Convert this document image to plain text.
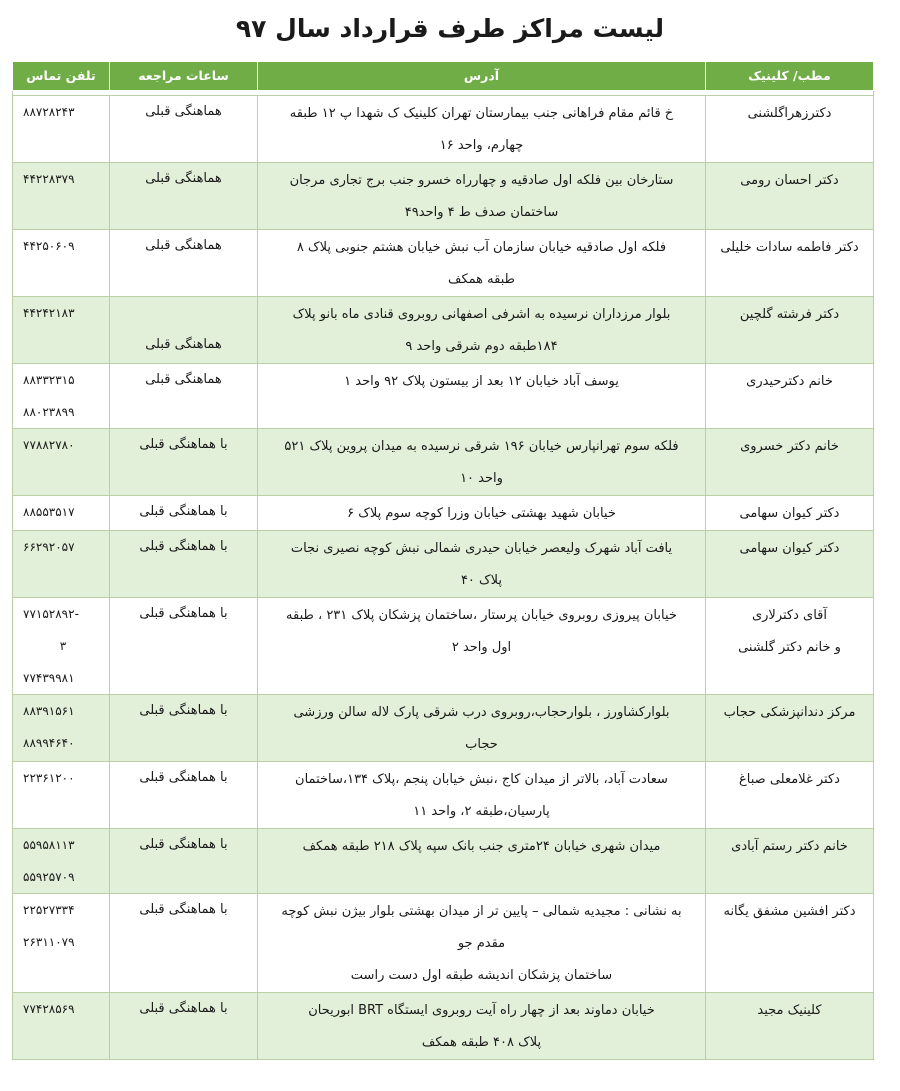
لیست مراکز طرف قرارداد سال ۹۷
مطب/ کلینیک	آدرس	ساعات مراجعه	تلفن تماس

دکترزهراگلشنی	خ قائم مقام فراهانی جنب بیمارستان تهران کلینیک ک شهدا پ ۱۲ طبقه
چهارم، واحد ۱۶	هماهنگی قبلی	۸۸۷۲۸۲۴۳

دکتر احسان رومی	ستارخان بین فلکه اول صادقیه و چهارراه خسرو جنب برج تجاری مرجان
ساختمان صدف ط ۴ واحد۴۹	هماهنگی قبلی	۴۴۲۲۸۳۷۹

دکتر فاطمه سادات خلیلی	فلکه اول صادقیه خیابان سازمان آب نبش خیابان هشتم جنوبی پلاک ۸
طبقه همکف	هماهنگی قبلی	۴۴۲۵۰۶۰۹

دکتر فرشته گلچین	بلوار مرزداران نرسیده به اشرفی اصفهانی روبروی قنادی ماه بانو پلاک
۱۸۴طبقه دوم شرقی واحد ۹	هماهنگی قبلی	۴۴۲۴۲۱۸۳

خانم دکترحیدری	یوسف آباد خیابان ۱۲ بعد از بیستون پلاک ۹۲ واحد ۱	هماهنگی قبلی	۸۸۳۳۲۳۱۵
۸۸۰۲۳۸۹۹

خانم دکتر خسروی	فلکه سوم تهرانپارس خیابان ۱۹۶ شرقی نرسیده به میدان پروین پلاک ۵۲۱
واحد ۱۰	با هماهنگی قبلی	۷۷۸۸۲۷۸۰

دکتر کیوان سهامی	خیابان شهید بهشتی خیابان وزرا کوچه سوم پلاک ۶	با هماهنگی قبلی	۸۸۵۵۳۵۱۷

دکتر کیوان سهامی	یافت آباد شهرک ولیعصر خیابان حیدری شمالی نبش کوچه نصیری نجات
پلاک ۴۰	با هماهنگی قبلی	۶۶۲۹۲۰۵۷

آقای دکترلاری
و خانم دکتر گلشنی	خیابان پیروزی روبروی خیابان پرستار ،ساختمان پزشکان پلاک ۲۳۱ ، طبقه
اول واحد ۲	با هماهنگی قبلی	۷۷۱۵۲۸۹۲-
۳
۷۷۴۳۹۹۸۱

مرکز دندانپزشکی حجاب	بلوارکشاورز ، بلوارحجاب،روبروی درب شرقی پارک لاله سالن ورزشی
حجاب	با هماهنگی قبلی	۸۸۳۹۱۵۶۱
۸۸۹۹۴۶۴۰

دکتر غلامعلی صباغ	سعادت آباد، بالاتر از میدان کاج ،نبش خیابان پنجم ،پلاک ۱۳۴،ساختمان
پارسیان،طبقه ۲، واحد ۱۱	با هماهنگی قبلی	۲۲۳۶۱۲۰۰

خانم دکتر رستم آبادی	میدان شهری خیابان ۲۴متری جنب بانک سپه پلاک ۲۱۸ طبقه همکف	با هماهنگی قبلی	۵۵۹۵۸۱۱۳
۵۵۹۲۵۷۰۹

دکتر افشین مشفق یگانه	به نشانی : مجیدیه شمالی – پایین تر از میدان بهشتی بلوار بیژن نبش کوچه
مقدم جو
ساختمان پزشکان اندیشه طبقه اول دست راست	با هماهنگی قبلی	۲۲۵۲۷۳۳۴
۲۶۳۱۱۰۷۹

کلینیک مجید	خیابان دماوند بعد از چهار راه آیت روبروی ایستگاه BRT ابوریحان
پلاک ۴۰۸ طبقه همکف	با هماهنگی قبلی	۷۷۴۲۸۵۶۹
